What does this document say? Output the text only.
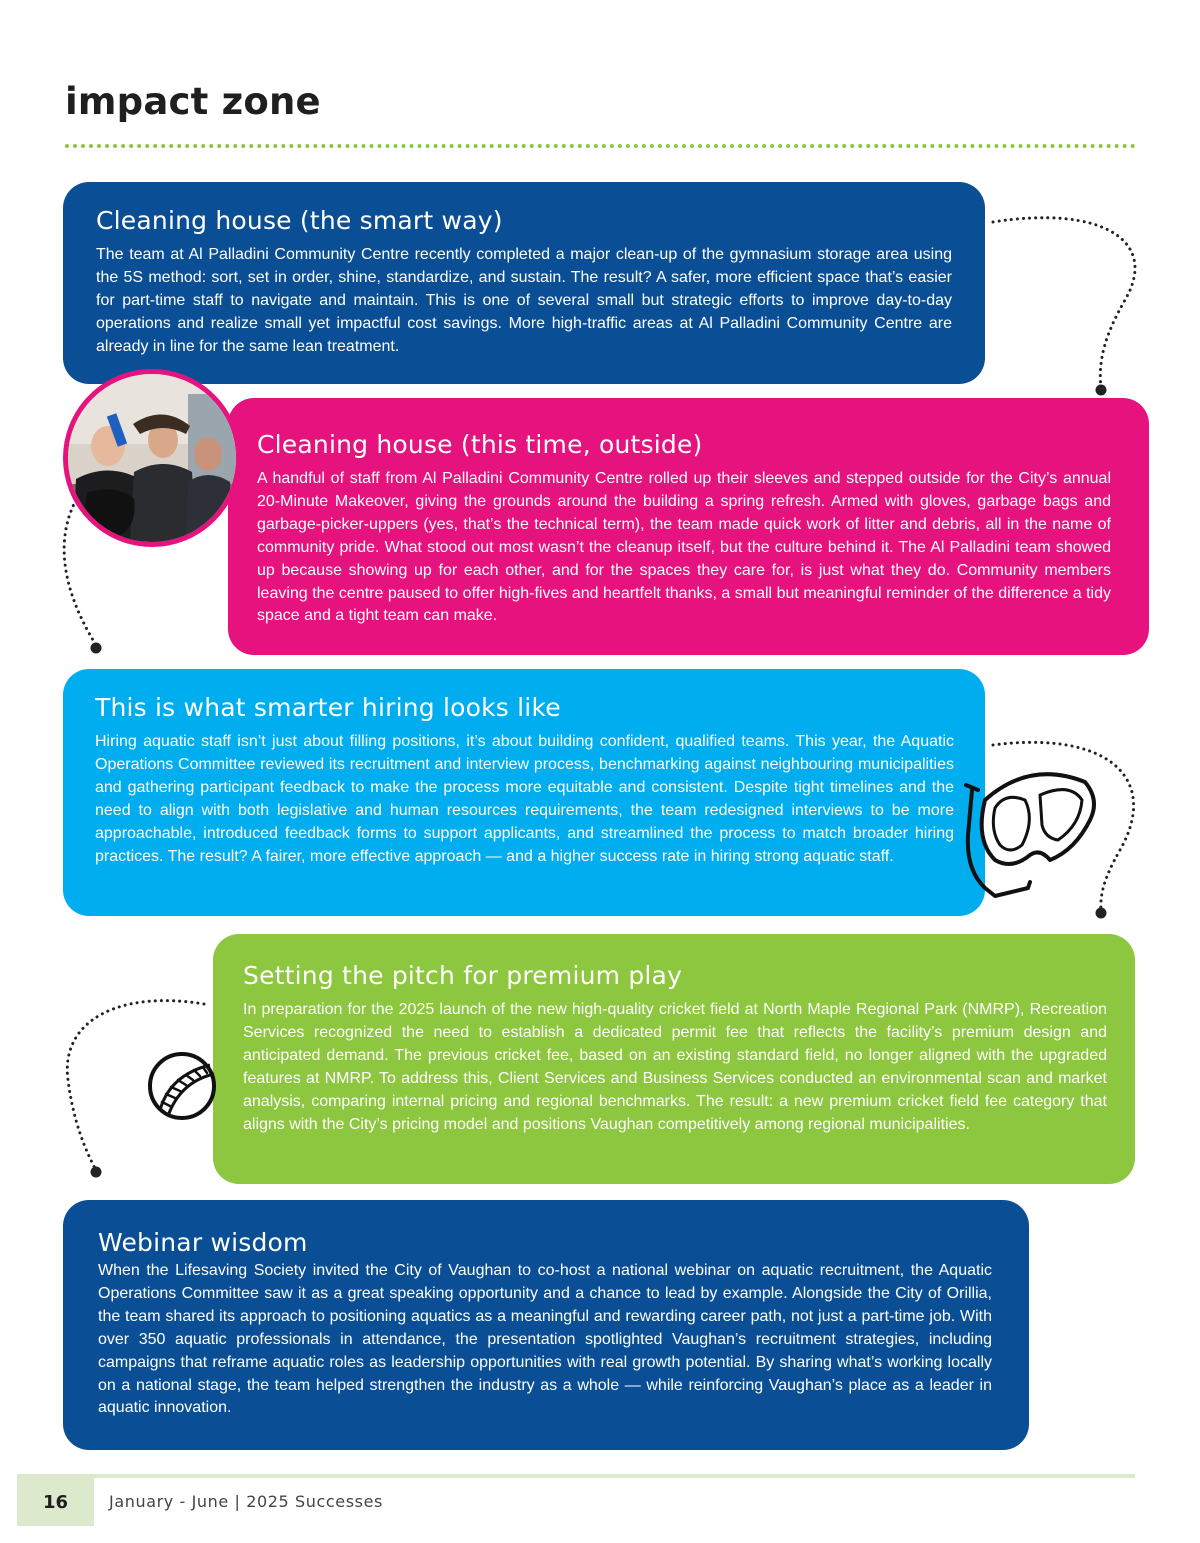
impact zone
Cleaning house (the smart way)

The team at Al Palladini Community Centre recently completed a major clean-up of the gymnasium storage area using the 5S method: sort, set in order, shine, standardize, and sustain. The result? A safer, more efficient space that’s easier for part-time staff to navigate and maintain. This is one of several small but strategic efforts to improve day-to-day operations and realize small yet impactful cost savings. More high-traffic areas at Al Palladini Community Centre are already in line for the same lean treatment.

Cleaning house (this time, outside)

A handful of staff from Al Palladini Community Centre rolled up their sleeves and stepped outside for the City’s annual 20-Minute Makeover, giving the grounds around the building a spring refresh. Armed with gloves, garbage bags and garbage-picker-uppers (yes, that’s the technical term), the team made quick work of litter and debris, all in the name of community pride. What stood out most wasn’t the cleanup itself, but the culture behind it. The Al Palladini team showed up because showing up for each other, and for the spaces they care for, is just what they do. Community members leaving the centre paused to offer high-fives and heartfelt thanks, a small but meaningful reminder of the difference a tidy space and a tight team can make.

This is what smarter hiring looks like

Hiring aquatic staff isn’t just about filling positions, it’s about building confident, qualified teams. This year, the Aquatic Operations Committee reviewed its recruitment and interview process, benchmarking against neighbouring municipalities and gathering participant feedback to make the process more equitable and consistent. Despite tight timelines and the need to align with both legislative and human resources requirements, the team redesigned interviews to be more approachable, introduced feedback forms to support applicants, and streamlined the process to match broader hiring practices. The result? A fairer, more effective approach — and a higher success rate in hiring strong aquatic staff.

Setting the pitch for premium play

In preparation for the 2025 launch of the new high-quality cricket field at North Maple Regional Park (NMRP), Recreation Services recognized the need to establish a dedicated permit fee that reflects the facility’s premium design and anticipated demand. The previous cricket fee, based on an existing standard field, no longer aligned with the upgraded features at NMRP. To address this, Client Services and Business Services conducted an environmental scan and market analysis, comparing internal pricing and regional benchmarks. The result: a new premium cricket field fee category that aligns with the City’s pricing model and positions Vaughan competitively among regional municipalities.

Webinar wisdom

When the Lifesaving Society invited the City of Vaughan to co-host a national webinar on aquatic recruitment, the Aquatic Operations Committee saw it as a great speaking opportunity and a chance to lead by example. Alongside the City of Orillia, the team shared its approach to positioning aquatics as a meaningful and rewarding career path, not just a part-time job. With over 350 aquatic professionals in attendance, the presentation spotlighted Vaughan’s recruitment strategies, including campaigns that reframe aquatic roles as leadership opportunities with real growth potential. By sharing what’s working locally on a national stage, the team helped strengthen the industry as a whole — while reinforcing Vaughan’s place as a leader in aquatic innovation.

16	January - June | 2025 Successes
